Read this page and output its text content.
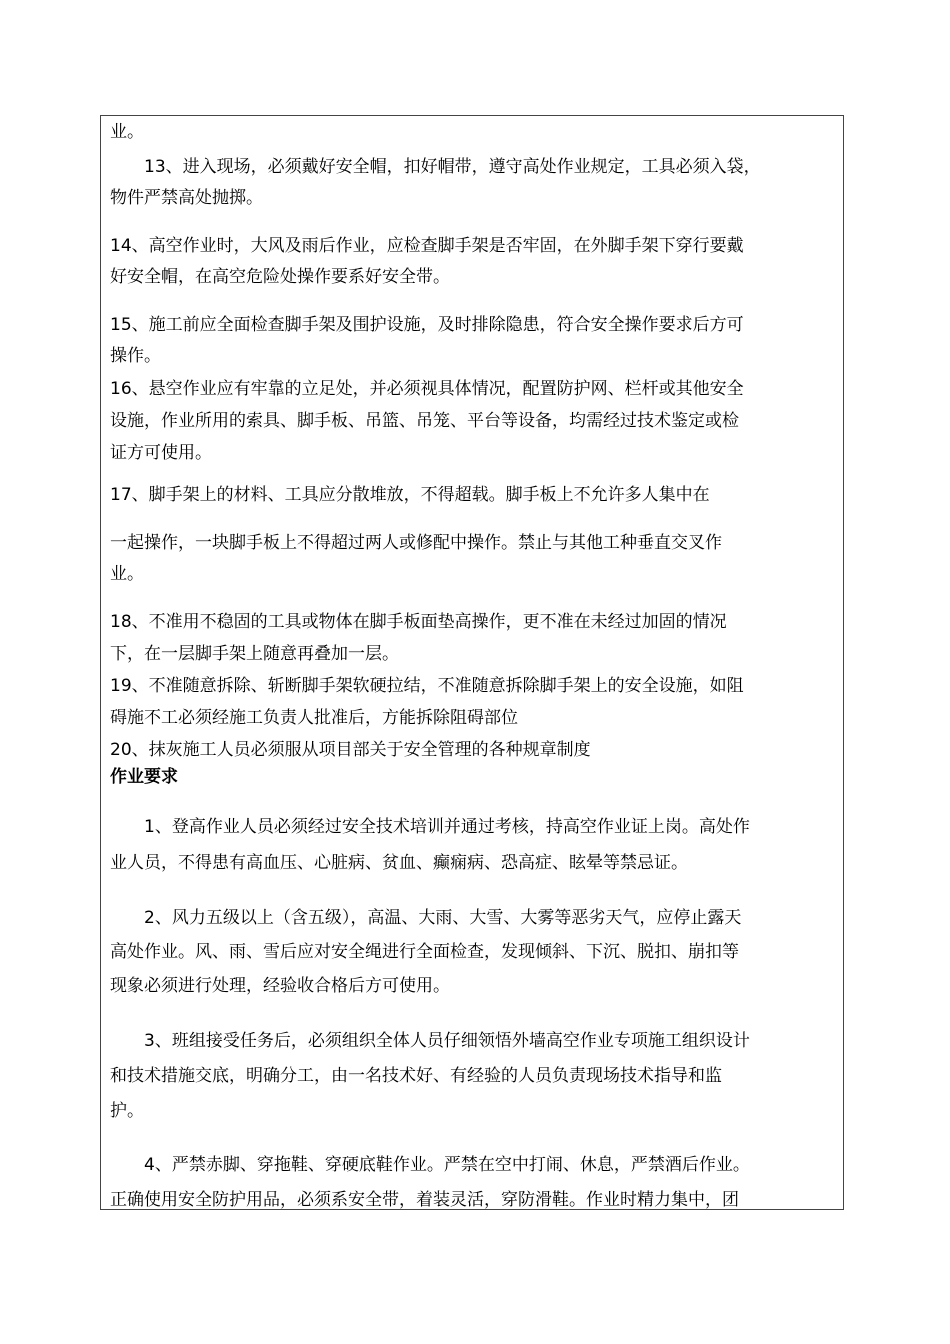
业。
　　13、进入现场，必须戴好安全帽，扣好帽带，遵守高处作业规定，工具必须入袋，
物件严禁高处抛掷。
14、高空作业时，大风及雨后作业，应检查脚手架是否牢固，在外脚手架下穿行要戴
好安全帽，在高空危险处操作要系好安全带。
15、施工前应全面检查脚手架及围护设施，及时排除隐患，符合安全操作要求后方可
操作。
16、悬空作业应有牢靠的立足处，并必须视具体情况，配置防护网、栏杆或其他安全
设施，作业所用的索具、脚手板、吊篮、吊笼、平台等设备，均需经过技术鉴定或检
证方可使用。
17、脚手架上的材料、工具应分散堆放，不得超载。脚手板上不允许多人集中在
一起操作，一块脚手板上不得超过两人或修配中操作。禁止与其他工种垂直交叉作
业。
18、不准用不稳固的工具或物体在脚手板面垫高操作，更不准在未经过加固的情况
下，在一层脚手架上随意再叠加一层。
19、不准随意拆除、斩断脚手架软硬拉结，不准随意拆除脚手架上的安全设施，如阻
碍施不工必须经施工负责人批准后，方能拆除阻碍部位
20、抹灰施工人员必须服从项目部关于安全管理的各种规章制度
作业要求
　　1、登高作业人员必须经过安全技术培训并通过考核，持高空作业证上岗。高处作
业人员，不得患有高血压、心脏病、贫血、癫痫病、恐高症、眩晕等禁忌证。
　　2、风力五级以上（含五级），高温、大雨、大雪、大雾等恶劣天气，应停止露天
高处作业。风、雨、雪后应对安全绳进行全面检查，发现倾斜、下沉、脱扣、崩扣等
现象必须进行处理，经验收合格后方可使用。
　　3、班组接受任务后，必须组织全体人员仔细领悟外墙高空作业专项施工组织设计
和技术措施交底，明确分工，由一名技术好、有经验的人员负责现场技术指导和监
护。
　　4、严禁赤脚、穿拖鞋、穿硬底鞋作业。严禁在空中打闹、休息，严禁酒后作业。
正确使用安全防护用品，必须系安全带，着装灵活，穿防滑鞋。作业时精力集中，团
